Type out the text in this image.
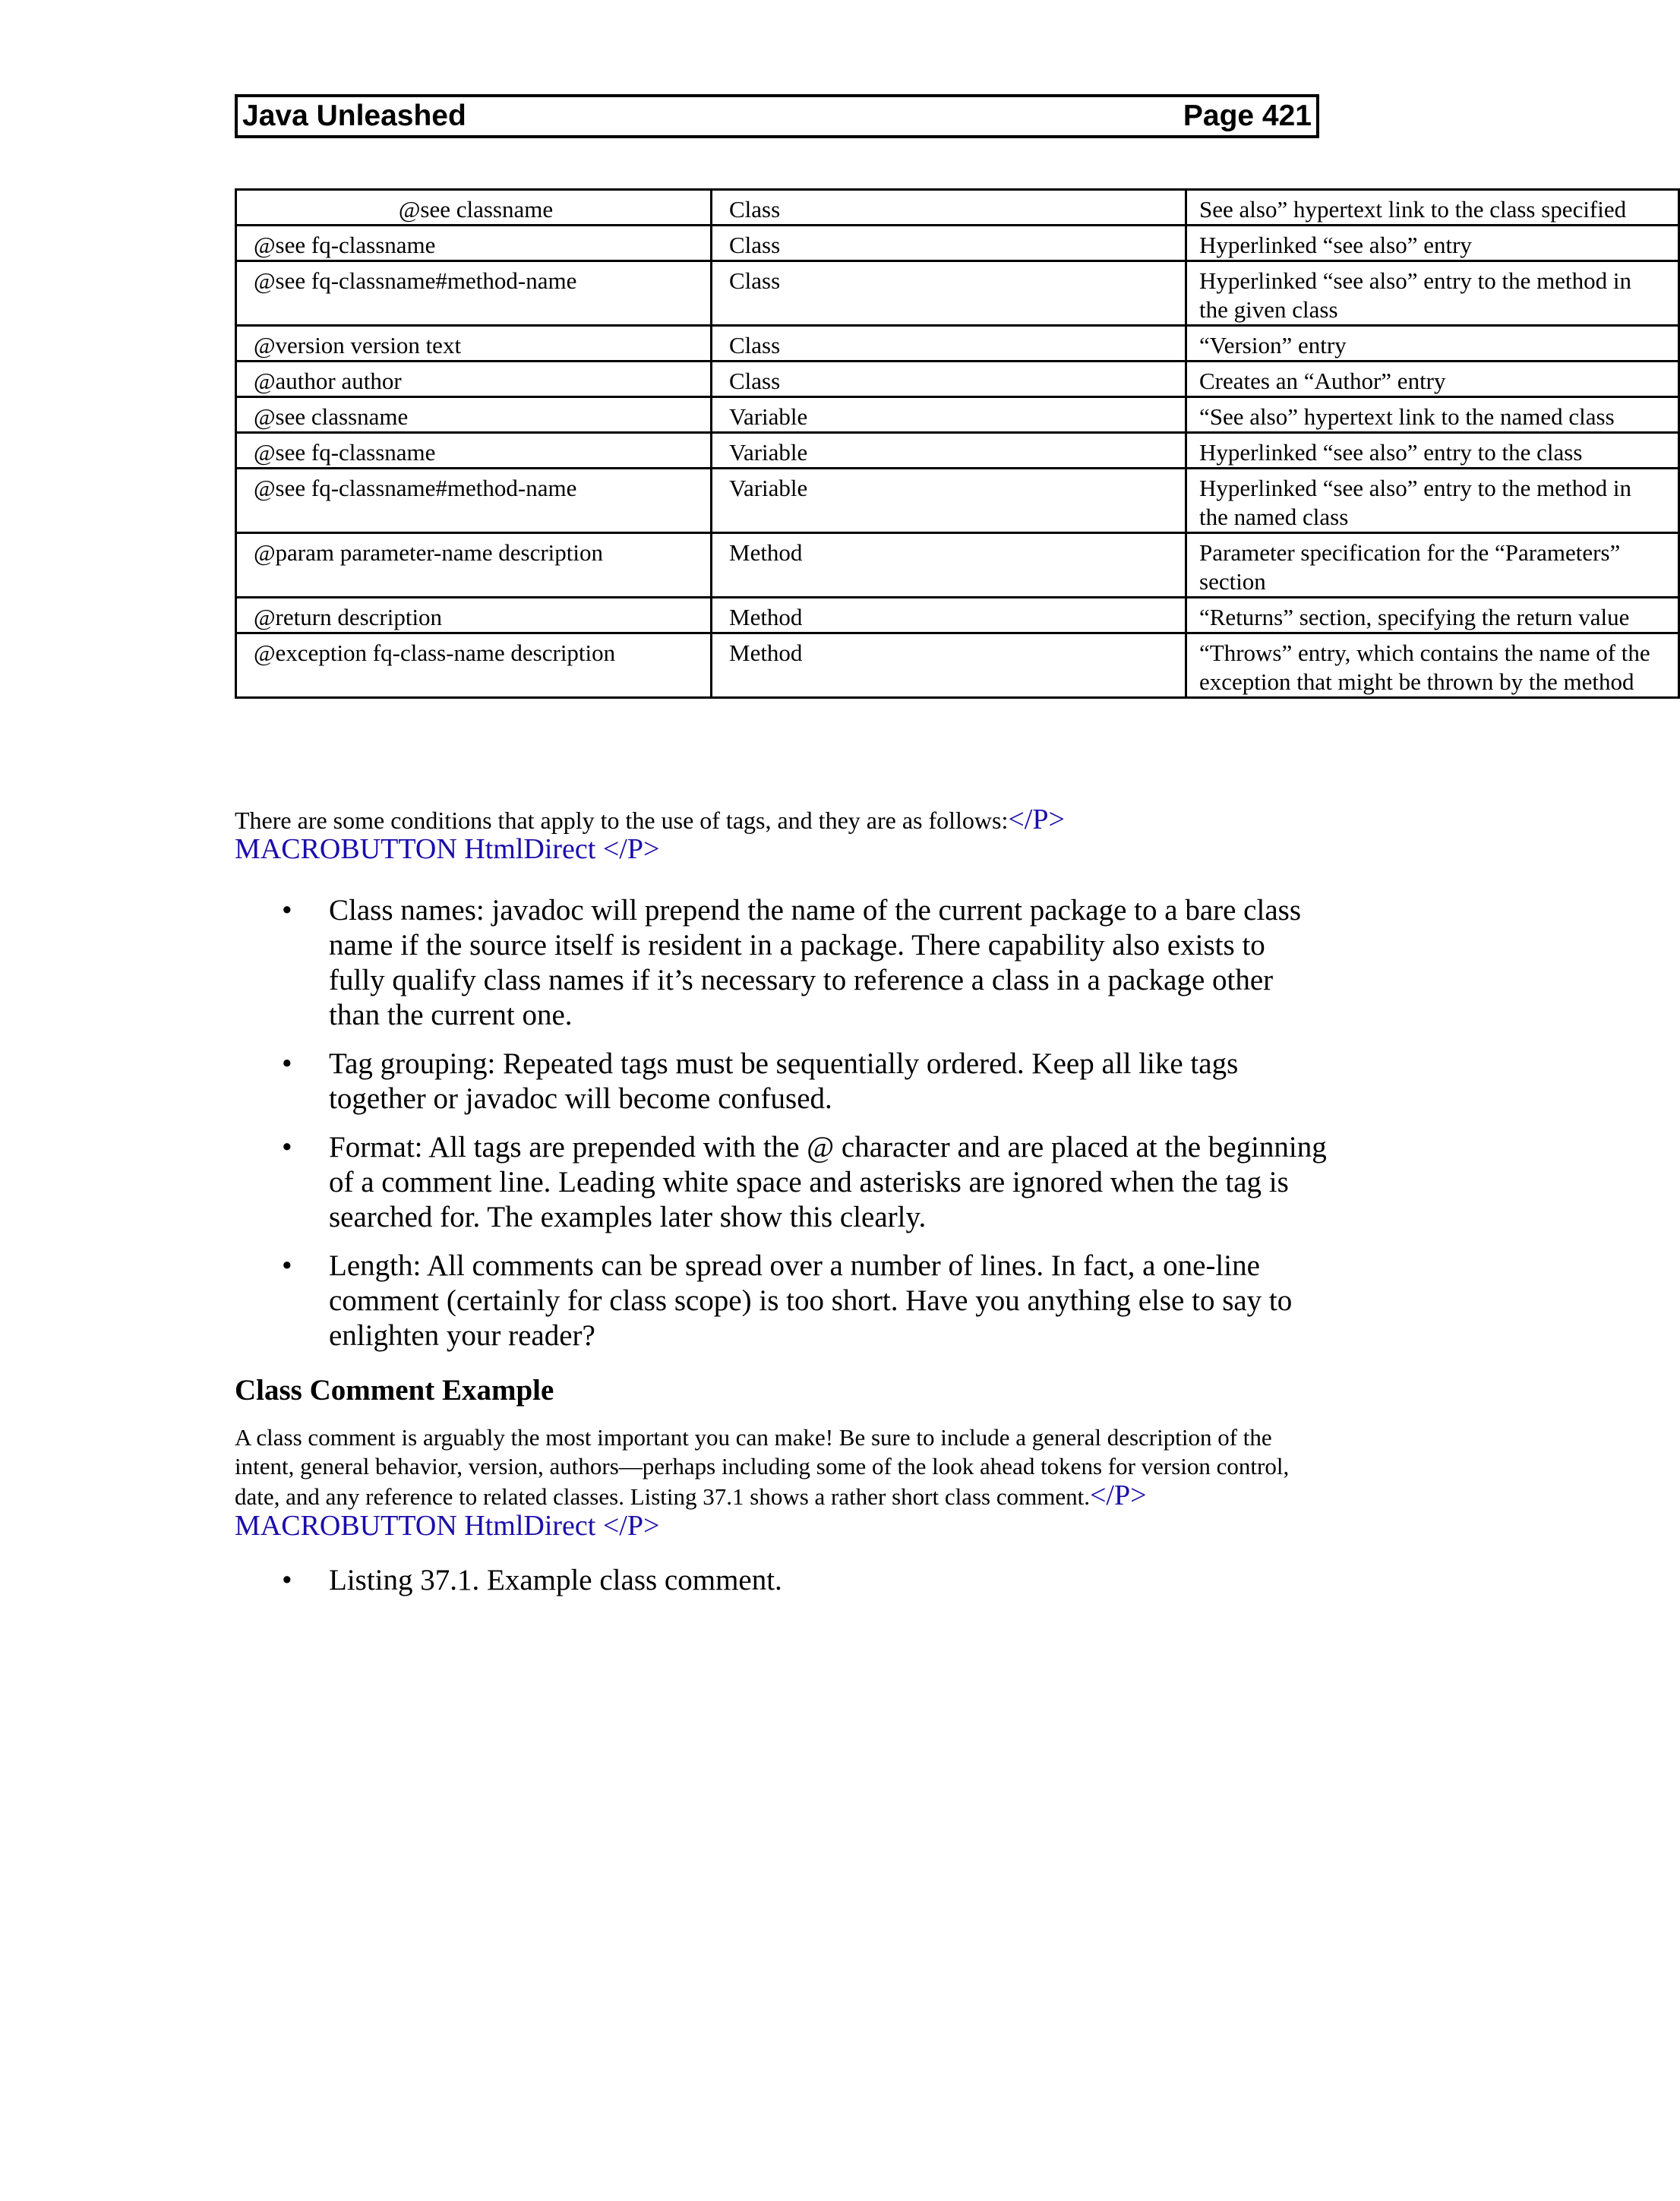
Java Unleashed	Page 421
@see classname	Class	See also” hypertext link to the class specified
@see fq-classname	Class	Hyperlinked “see also” entry
@see fq-classname#method-name	Class	Hyperlinked “see also” entry to the method in the given class
@version version text	Class	“Version” entry
@author author	Class	Creates an “Author” entry
@see classname	Variable	“See also” hypertext link to the named class
@see fq-classname	Variable	Hyperlinked “see also” entry to the class
@see fq-classname#method-name	Variable	Hyperlinked “see also” entry to the method in the named class
@param parameter-name description	Method	Parameter specification for the “Parameters” section
@return description	Method	“Returns” section, specifying the return value
@exception fq-class-name description	Method	“Throws” entry, which contains the name of the exception that might be thrown by the method
There are some conditions that apply to the use of tags, and they are as follows:</P>
MACROBUTTON HtmlDirect </P>
• Class names: javadoc will prepend the name of the current package to a bare class name if the source itself is resident in a package. There capability also exists to fully qualify class names if it’s necessary to reference a class in a package other than the current one.
• Tag grouping: Repeated tags must be sequentially ordered. Keep all like tags together or javadoc will become confused.
• Format: All tags are prepended with the @ character and are placed at the beginning of a comment line. Leading white space and asterisks are ignored when the tag is searched for. The examples later show this clearly.
• Length: All comments can be spread over a number of lines. In fact, a one-line comment (certainly for class scope) is too short. Have you anything else to say to enlighten your reader?
Class Comment Example
A class comment is arguably the most important you can make! Be sure to include a general description of the intent, general behavior, version, authors—perhaps including some of the look ahead tokens for version control, date, and any reference to related classes. Listing 37.1 shows a rather short class comment.</P> MACROBUTTON HtmlDirect </P>
• Listing 37.1. Example class comment.
